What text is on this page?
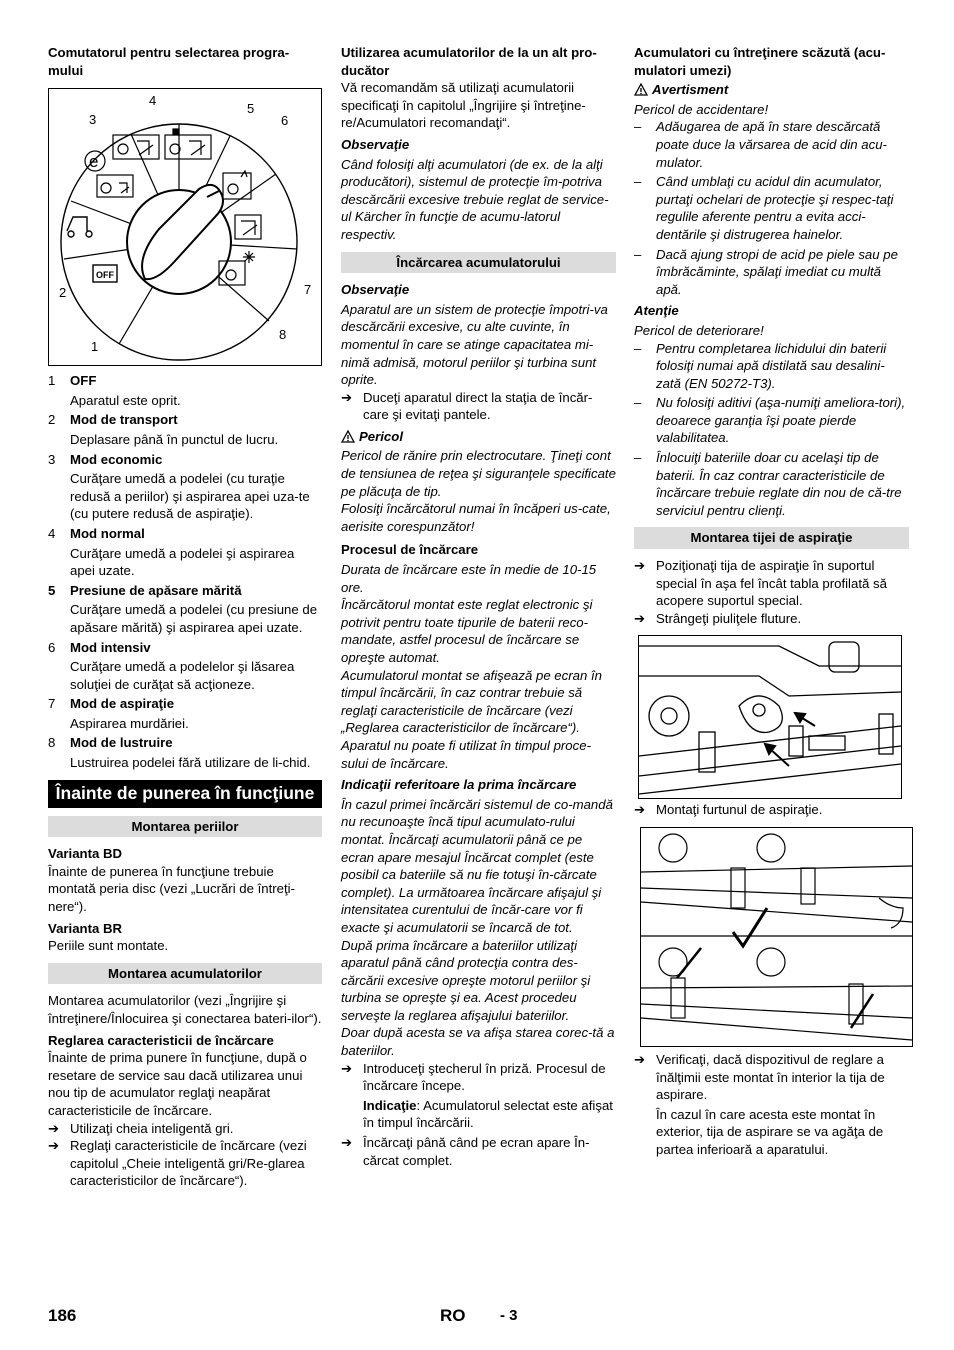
Comutatorul pentru selectarea progra-mului

1
2
3
4
5
6
7
8
e
OFF
1 OFF

Aparatul este oprit.

2 Mod de transport

Deplasare până în punctul de lucru.

3 Mod economic

Curăţare umedă a podelei (cu turaţie redusă a periilor) şi aspirarea apei uza-te (cu putere redusă de aspiraţie).

4 Mod normal

Curăţare umedă a podelei şi aspirarea apei uzate.

5 Presiune de apăsare mărită

Curăţare umedă a podelei (cu presiune de apăsare mărită) şi aspirarea apei uzate.

6 Mod intensiv

Curăţare umedă a podelelor şi lăsarea soluţiei de curăţat să acţioneze.

7 Mod de aspiraţie

Aspirarea murdăriei.

8 Mod de lustruire

Lustruirea podelei fără utilizare de li-chid.

Înainte de punerea în funcţiune
Montarea periilor

Varianta BD

Înainte de punerea în funcţiune trebuie montată peria disc (vezi „Lucrări de întreţi-nere“).

Varianta BR

Periile sunt montate.

Montarea acumulatorilor

Montarea acumulatorilor (vezi „Îngrijire şi întreţinere/Înlocuirea şi conectarea bateri-ilor“).

Reglarea caracteristicii de încărcare

Înainte de prima punere în funcţiune, după o resetare de service sau dacă utilizarea unui nou tip de acumulator reglaţi neapărat caracteristicile de încărcare.

➔ Utilizaţi cheia inteligentă gri.

➔ Reglaţi caracteristicile de încărcare (vezi capitolul „Cheie inteligentă gri/Re-glarea caracteristicilor de încărcare“).

Utilizarea acumulatorilor de la un alt pro-ducător

Vă recomandăm să utilizaţi acumulatorii specificaţi în capitolul „Îngrijire şi întreţine-re/Acumulatori recomandaţi“.

Observaţie

Când folosiţi alţi acumulatori (de ex. de la alţi producători), sistemul de protecţie îm-potriva descărcării excesive trebuie reglat de service-ul Kärcher în funcţie de acumu-latorul respectiv.

Încărcarea acumulatorului

Observaţie

Aparatul are un sistem de protecţie împotri-va descărcării excesive, cu alte cuvinte, în momentul în care se atinge capacitatea mi-nimă admisă, motorul periilor şi turbina sunt oprite.

➔ Duceţi aparatul direct la staţia de încăr-care şi evitaţi pantele.

Pericol

Pericol de rănire prin electrocutare. Ţineţi cont de tensiunea de reţea şi siguranţele specificate pe plăcuţa de tip.

Folosiţi încărcătorul numai în încăperi us-cate, aerisite corespunzător!

Procesul de încărcare

Durata de încărcare este în medie de 10-15 ore.

Încărcătorul montat este reglat electronic şi potrivit pentru toate tipurile de baterii reco-mandate, astfel procesul de încărcare se opreşte automat.

Acumulatorul montat se afişează pe ecran în timpul încărcării, în caz contrar trebuie să reglaţi caracteristicile de încărcare (vezi „Reglarea caracteristicilor de încărcare“).

Aparatul nu poate fi utilizat în timpul proce-sului de încărcare.

Indicaţii referitoare la prima încărcare

În cazul primei încărcări sistemul de co-mandă nu recunoaşte încă tipul acumulato-rului montat. Încărcaţi acumulatorii până ce pe ecran apare mesajul Încărcat complet (este posibil ca bateriile să nu fie totuşi în-cărcate complet). La următoarea încărcare afişajul şi intensitatea curentului de încăr-care vor fi exacte şi acumulatorii se încarcă de tot.

După prima încărcare a bateriilor utilizaţi aparatul până când protecţia contra des-cărcării excesive opreşte motorul periilor şi turbina se opreşte şi ea. Acest procedeu serveşte la reglarea afişajului bateriilor.

Doar după acesta se va afişa starea corec-tă a bateriilor.

➔ Introduceţi ştecherul în priză. Procesul de încărcare începe.

Indicaţie: Acumulatorul selectat este afişat în timpul încărcării.

➔ Încărcaţi până când pe ecran apare În-cărcat complet.

Acumulatori cu întreţinere scăzută (acu-mulatori umezi)

Avertisment

Pericol de accidentare!

– Adăugarea de apă în stare descărcată poate duce la vărsarea de acid din acu-mulator.

– Când umblaţi cu acidul din acumulator, purtaţi ochelari de protecţie şi respec-taţi regulile aferente pentru a evita acci-dentările şi distrugerea hainelor.

– Dacă ajung stropi de acid pe piele sau pe îmbrăcăminte, spălaţi imediat cu multă apă.

Atenţie

Pericol de deteriorare!

– Pentru completarea lichidului din baterii folosiţi numai apă distilată sau desalini-zată (EN 50272-T3).

– Nu folosiţi aditivi (aşa-numiţi ameliora-tori), deoarece garanţia îşi poate pierde valabilitatea.

– Înlocuiţi bateriile doar cu acelaşi tip de baterii. În caz contrar caracteristicile de încărcare trebuie reglate din nou de că-tre serviciul pentru clienţi.

Montarea tijei de aspiraţie
➔ Poziţionaţi tija de aspiraţie în suportul special în aşa fel încât tabla profilată să acopere suportul special.

➔ Strângeţi piuliţele fluture.

➔ Montaţi furtunul de aspiraţie.

➔ Verificaţi, dacă dispozitivul de reglare a înălţimii este montat în interior la tija de aspirare.

În cazul în care acesta este montat în exterior, tija de aspirare se va agăţa de partea inferioară a aparatului.

186	RO - 3
